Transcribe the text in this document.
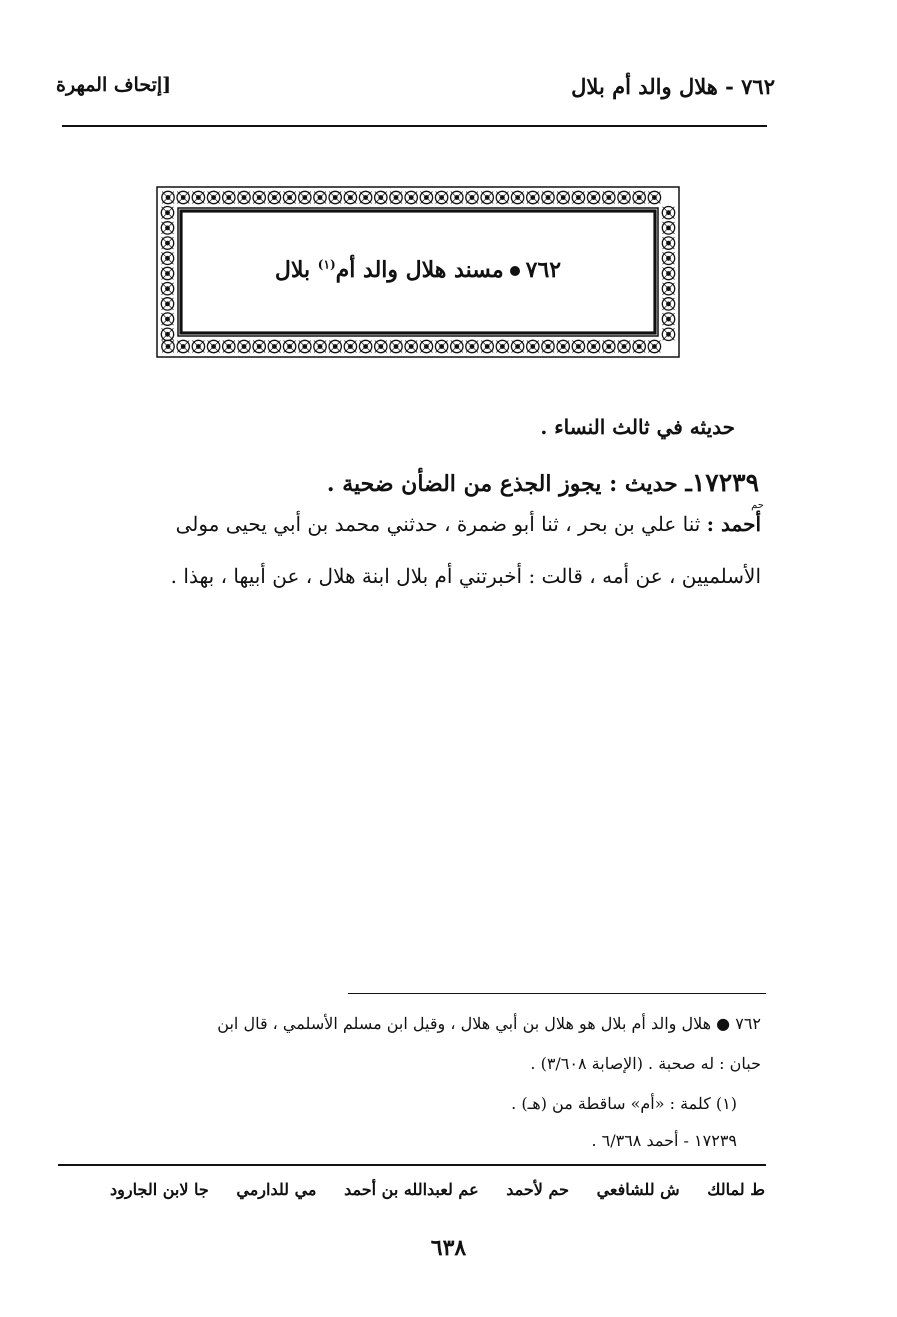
٧٦٢ - هلال والد أم بلال
[إتحاف المهرة
٧٦٢مسند هلال والد أم$^{(١)}$ بلال
حديثه في ثالث النساء .
١٧٢٣٩ـ حديث : يجوز الجذع من الضأن ضحية .
حم
أحمد : ثنا علي بن بحر ، ثنا أبو ضمرة ، حدثني محمد بن أبي يحيى مولى
الأسلميين ، عن أمه ، قالت : أخبرتني أم بلال ابنة هلال ، عن أبيها ، بهذا .
٧٦٢ ● هلال والد أم بلال هو هلال بن أبي هلال ، وقيل ابن مسلم الأسلمي ، قال ابن
حبان : له صحبة . (الإصابة ٣/٦٠٨) .
(١) كلمة : «أم» ساقطة من (هـ) .
١٧٢٣٩ - أحمد ٦/٣٦٨ .
ط لمالك ش للشافعي حم لأحمد عم لعبدالله بن أحمد مي للدارمي جا لابن الجارود
٦٣٨
